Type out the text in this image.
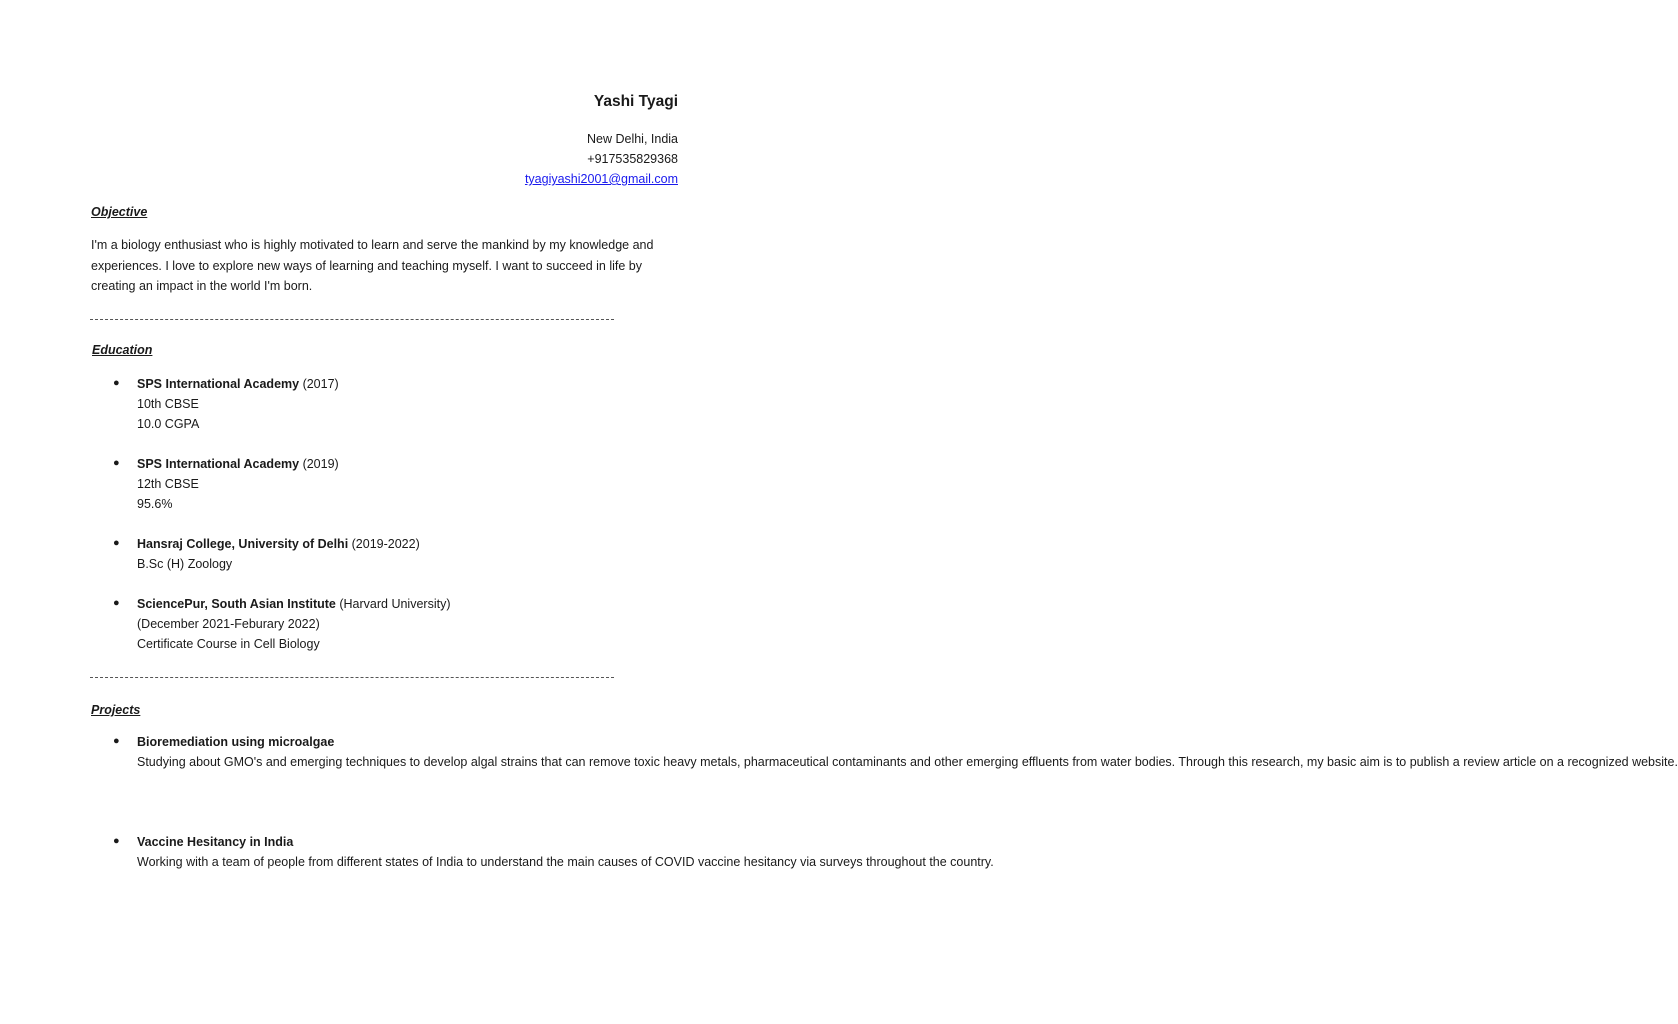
Yashi Tyagi
New Delhi, India
+917535829368
tyagiyashi2001@gmail.com
Objective
I'm a biology enthusiast who is highly motivated to learn and serve the mankind by my knowledge and experiences. I love to explore new ways of learning and teaching myself. I want to succeed in life by creating an impact in the world I'm born.
Education
● SPS International Academy (2017)
10th CBSE
10.0 CGPA
● SPS International Academy (2019)
12th CBSE
95.6%
● Hansraj College, University of Delhi (2019-2022)
B.Sc (H) Zoology
● SciencePur, South Asian Institute (Harvard University)
(December 2021-Feburary 2022)
Certificate Course in Cell Biology
Projects
● Bioremediation using microalgae
Studying about GMO's and emerging techniques to develop algal strains that can remove toxic heavy metals, pharmaceutical contaminants and other emerging effluents from water bodies. Through this research, my basic aim is to publish a review article on a recognized website.
● Vaccine Hesitancy in India
Working with a team of people from different states of India to understand the main causes of COVID vaccine hesitancy via surveys throughout the country.
